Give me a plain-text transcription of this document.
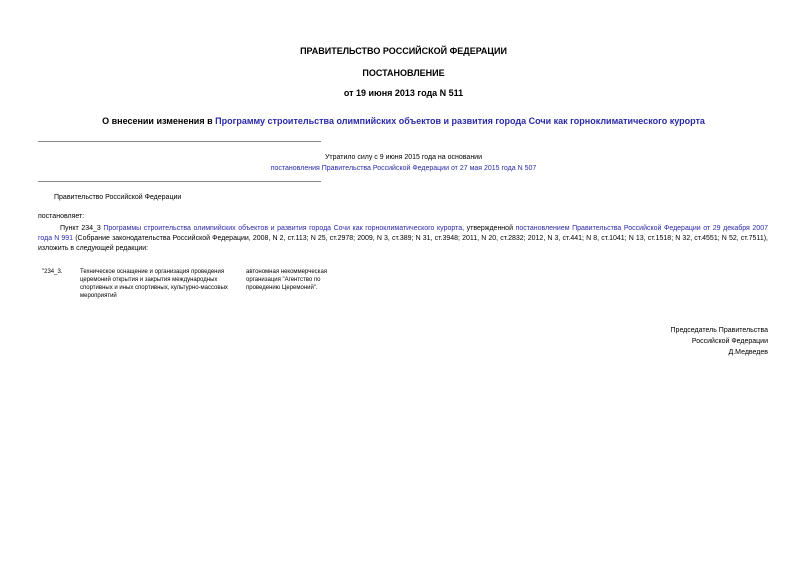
ПРАВИТЕЛЬСТВО РОССИЙСКОЙ ФЕДЕРАЦИИ
ПОСТАНОВЛЕНИЕ
от 19 июня 2013 года N 511
О внесении изменения в Программу строительства олимпийских объектов и развития города Сочи как горноклиматического курорта
Утратило силу с 9 июня 2015 года на основании
постановления Правительства Российской Федерации от 27 мая 2015 года N 507
Правительство Российской Федерации
постановляет:
Пункт 234_3 Программы строительства олимпийских объектов и развития города Сочи как горноклиматического курорта, утвержденной постановлением Правительства Российской Федерации от 29 декабря 2007 года N 991 (Собрание законодательства Российской Федерации, 2008, N 2, ст.113; N 25, ст.2978; 2009, N 3, ст.389; N 31, ст.3948; 2011, N 20, ст.2832; 2012, N 3, ст.441; N 8, ст.1041; N 13, ст.1518; N 32, ст.4551; N 52, ст.7511), изложить в следующей редакции:
"234_3.	Техническое оснащение и организация проведения церемоний открытия и закрытия международных спортивных и иных спортивных, культурно-массовых мероприятий
автономная некоммерческая организация "Агентство по проведению Церемоний".
Председатель Правительства
Российской Федерации
Д.Медведев
